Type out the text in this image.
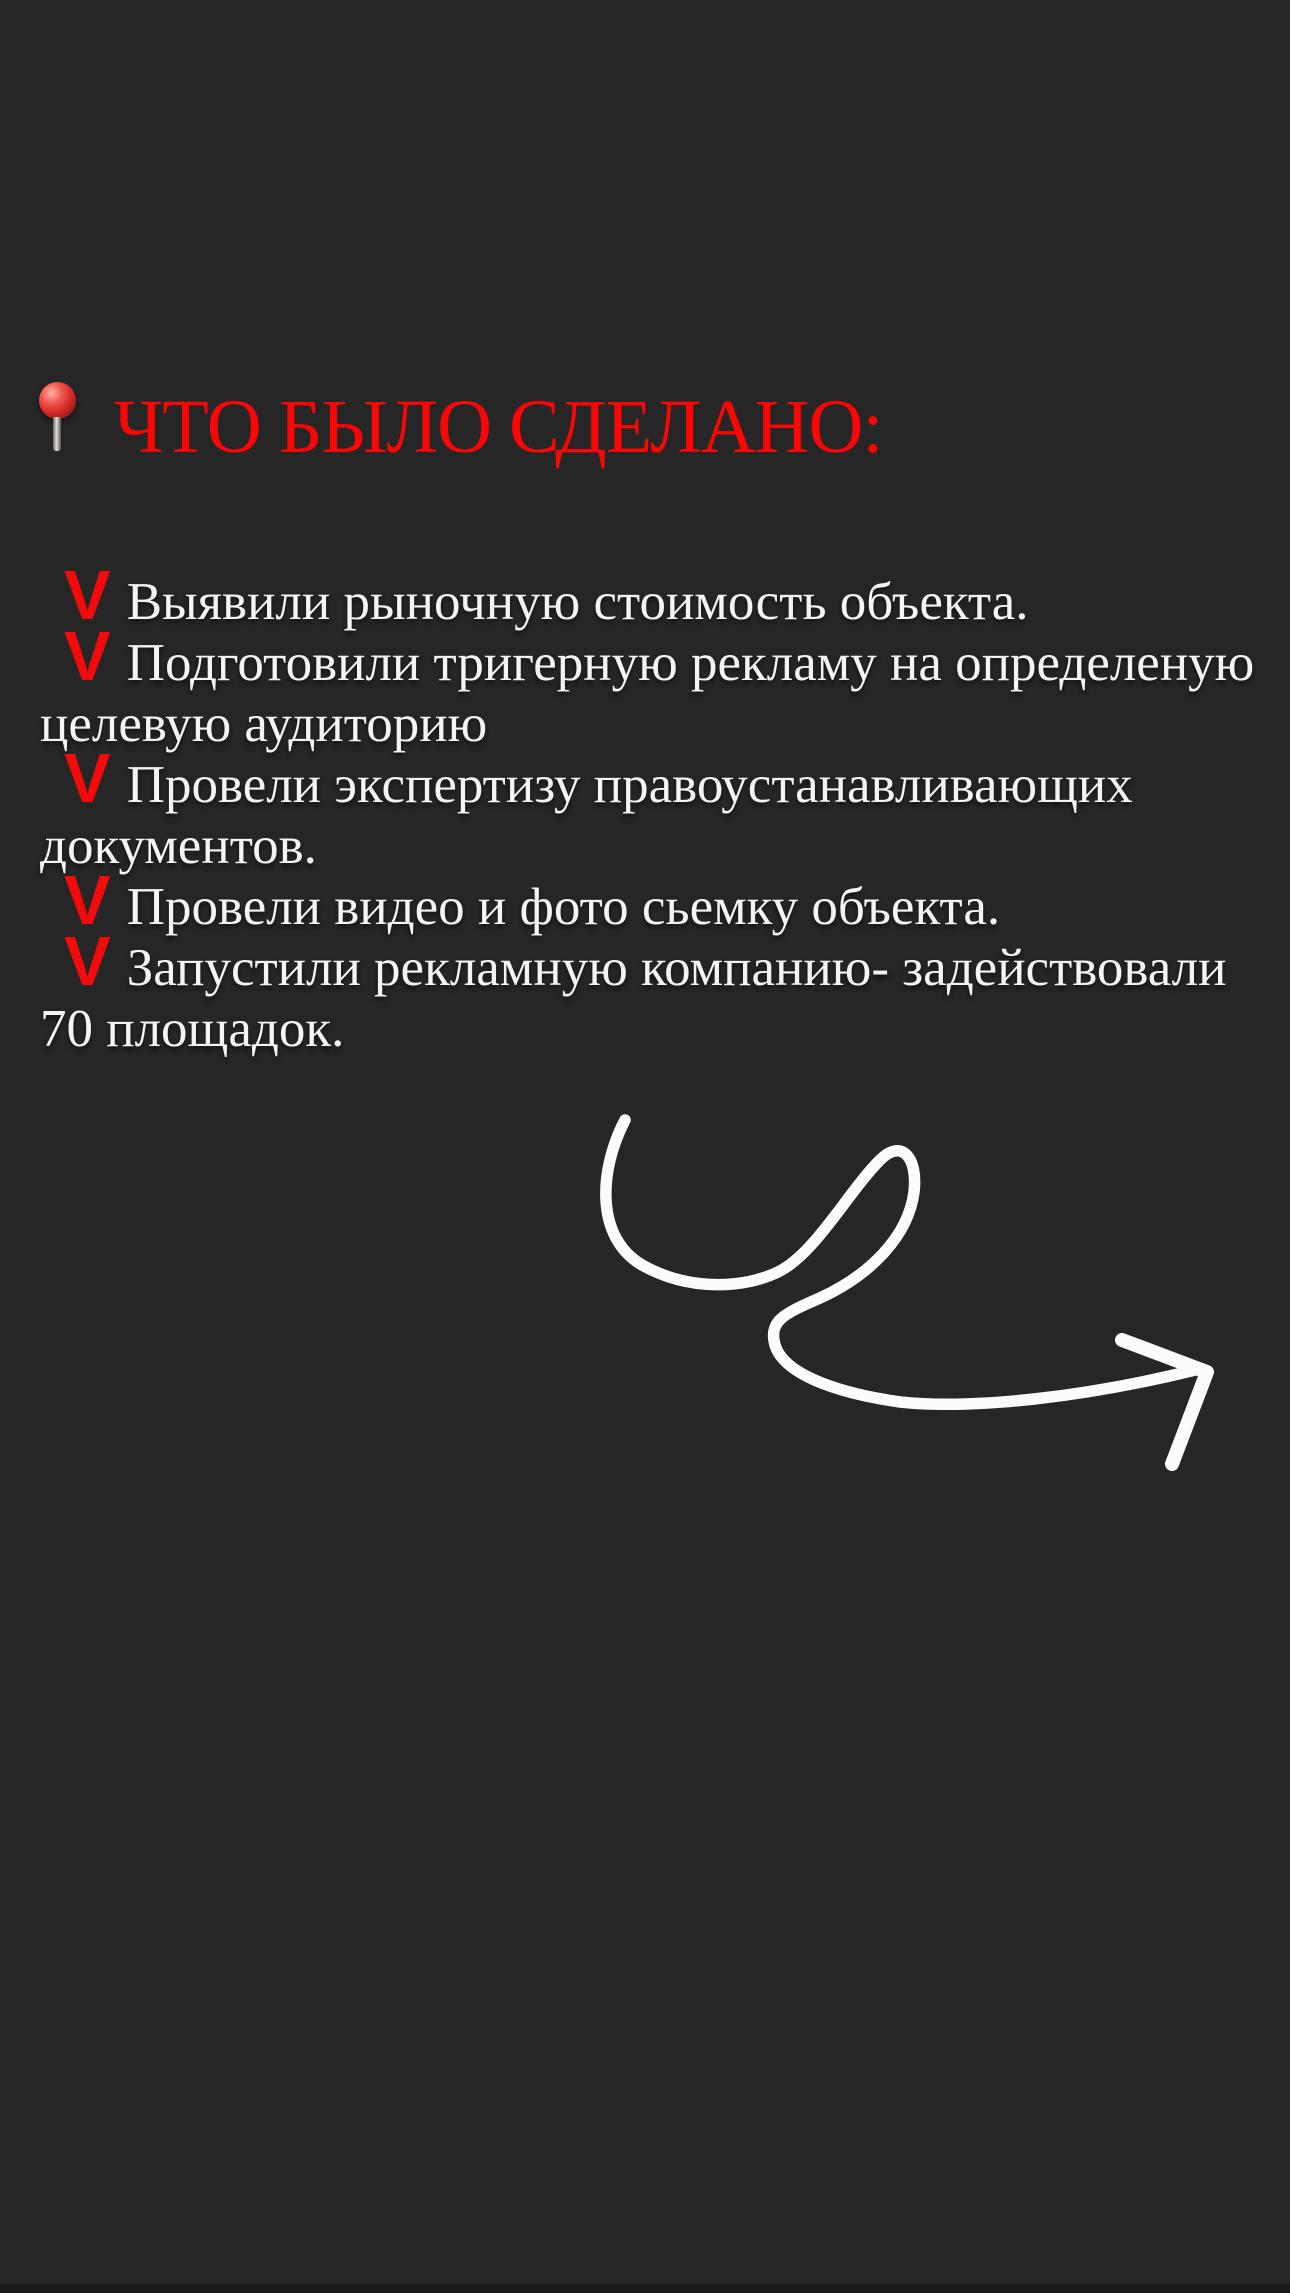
ЧТО БЫЛО СДЕЛАНО:

V Выявили рыночную стоимость объекта.

V Подготовили тригерную рекламу на определеную целевую аудиторию

V Провели экспертизу правоустанавливающих документов.

V Провели видео и фото сьемку объекта.

V Запустили рекламную компанию- задействовали 70 площадок.
